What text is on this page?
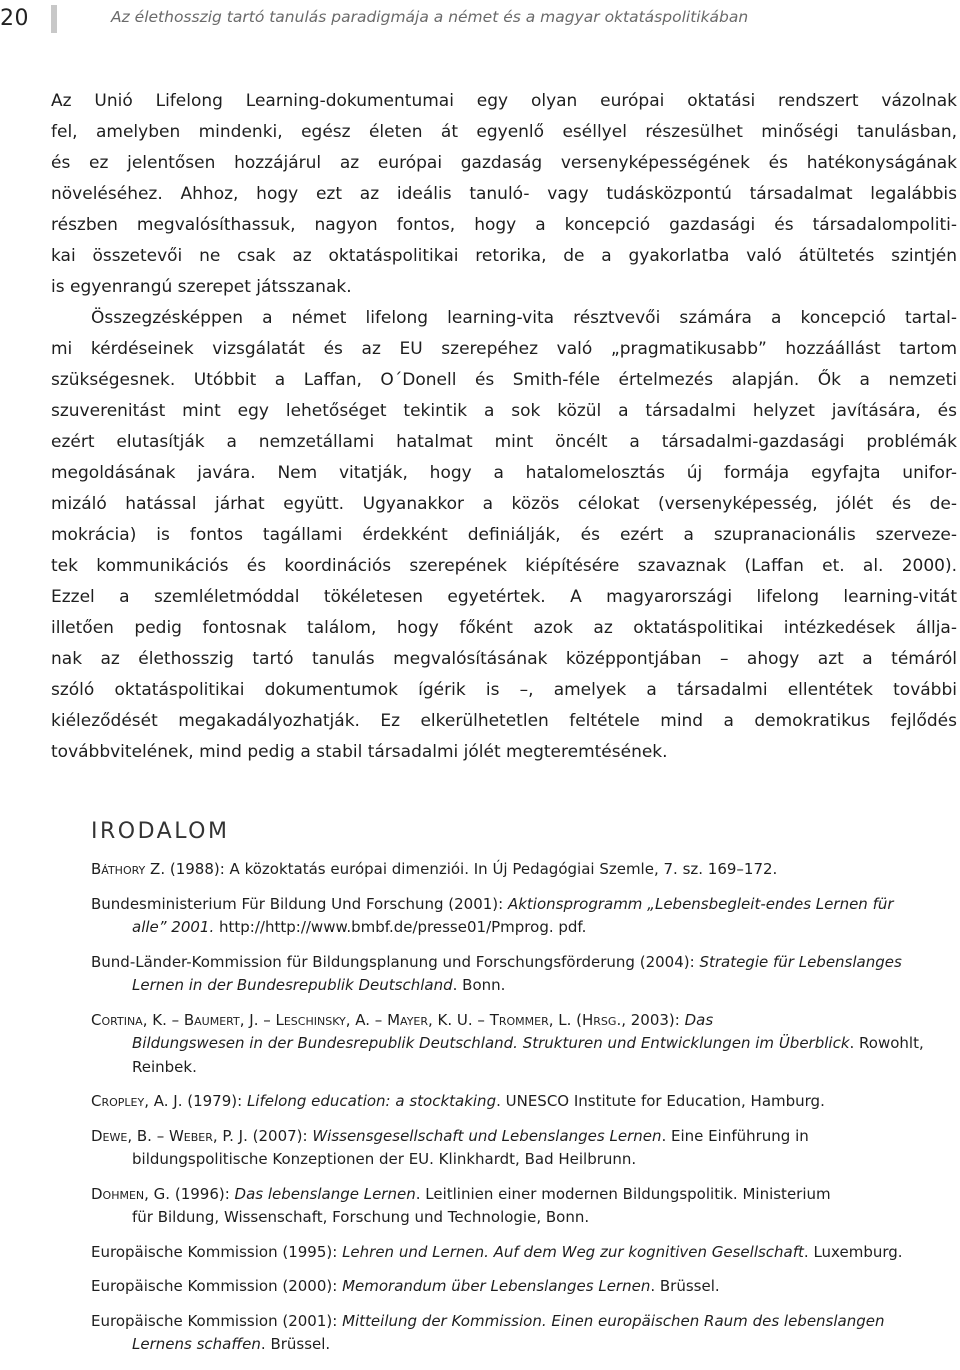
20	Az élethosszig tartó tanulás paradigmája a német és a magyar oktatáspolitikában
Az Unió Lifelong Learning-dokumentumai egy olyan európai oktatási rendszert vázolnak
fel, amelyben mindenki, egész életen át egyenlő eséllyel részesülhet minőségi tanulásban,
és ez jelentősen hozzájárul az európai gazdaság versenyképességének és hatékonyságának
növeléséhez. Ahhoz, hogy ezt az ideális tanuló- vagy tudásközpontú társadalmat legalábbis
részben megvalósíthassuk, nagyon fontos, hogy a koncepció gazdasági és társadalompoliti-
kai összetevői ne csak az oktatáspolitikai retorika, de a gyakorlatba való átültetés szintjén
is egyenrangú szerepet játsszanak.
Összegzésképpen a német lifelong learning-vita résztvevői számára a koncepció tartal-
mi kérdéseinek vizsgálatát és az EU szerepéhez való „pragmatikusabb” hozzáállást tartom
szükségesnek. Utóbbit a Laffan, O´Donell és Smith-féle értelmezés alapján. Ők a nemzeti
szuverenitást mint egy lehetőséget tekintik a sok közül a társadalmi helyzet javítására, és
ezért elutasítják a nemzetállami hatalmat mint öncélt a társadalmi-gazdasági problémák
megoldásának javára. Nem vitatják, hogy a hatalomelosztás új formája egyfajta unifor-
mizáló hatással járhat együtt. Ugyanakkor a közös célokat (versenyképesség, jólét és de-
mokrácia) is fontos tagállami érdekként definiálják, és ezért a szupranacionális szerveze-
tek kommunikációs és koordinációs szerepének kiépítésére szavaznak (Laffan et. al. 2000).
Ezzel a szemléletmóddal tökéletesen egyetértek. A magyarországi lifelong learning-vitát
illetően pedig fontosnak találom, hogy főként azok az oktatáspolitikai intézkedések állja-
nak az élethosszig tartó tanulás megvalósításának középpontjában – ahogy azt a témáról
szóló oktatáspolitikai dokumentumok ígérik is –, amelyek a társadalmi ellentétek további
kiéleződését megakadályozhatják. Ez elkerülhetetlen feltétele mind a demokratikus fejlődés
továbbvitelének, mind pedig a stabil társadalmi jólét megteremtésének.
IRODALOM
Báthory Z. (1988): A közoktatás európai dimenziói. In Új Pedagógiai Szemle, 7. sz. 169–172.
Bundesministerium Für Bildung Und Forschung (2001): Aktionsprogramm „Lebensbegleit-endes Lernen für
alle” 2001. http://http://www.bmbf.de/presse01/Pmprog. pdf.
Bund-Länder-Kommission für Bildungsplanung und Forschungsförderung (2004): Strategie für Lebenslanges
Lernen in der Bundesrepublik Deutschland. Bonn.
Cortina, K. – Baumert, J. – Leschinsky, A. – Mayer, K. U. – Trommer, L. (Hrsg., 2003): Das
Bildungswesen in der Bundesrepublik Deutschland. Strukturen und Entwicklungen im Überblick. Rowohlt,
Reinbek.
Cropley, A. J. (1979): Lifelong education: a stocktaking. UNESCO Institute for Education, Hamburg.
Dewe, B. – Weber, P. J. (2007): Wissensgesellschaft und Lebenslanges Lernen. Eine Einführung in
bildungspolitische Konzeptionen der EU. Klinkhardt, Bad Heilbrunn.
Dohmen, G. (1996): Das lebenslange Lernen. Leitlinien einer modernen Bildungspolitik. Ministerium
für Bildung, Wissenschaft, Forschung und Technologie, Bonn.
Europäische Kommission (1995): Lehren und Lernen. Auf dem Weg zur kognitiven Gesellschaft. Luxemburg.
Europäische Kommission (2000): Memorandum über Lebenslanges Lernen. Brüssel.
Europäische Kommission (2001): Mitteilung der Kommission. Einen europäischen Raum des lebenslangen
Lernens schaffen. Brüssel.
